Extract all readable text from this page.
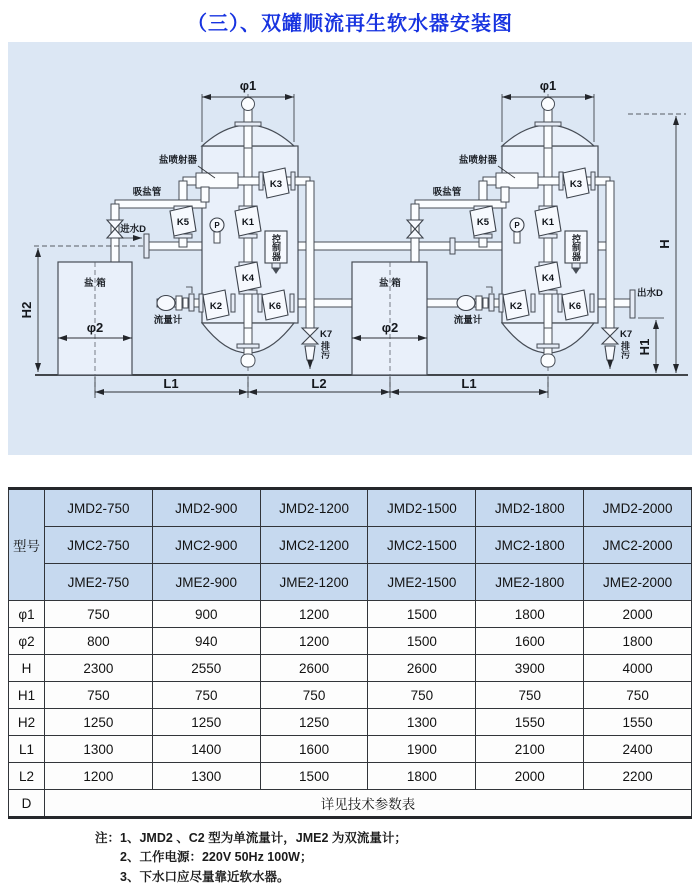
（三）、双罐顺流再生软水器安装图
φ1
K5	K1
K3
P
控制器
K4
流量计
K2	K6
K7
排污
盐 箱
φ2
盐喷射器
吸盐管
进水D
H2
φ1
K5	K1
K3
P
控制器
K4
流量计
K2	K6
K7
排污
盐 箱
φ2
盐喷射器
吸盐管
出水D
L1	L2	L1
H
H1
型号	JMD2-750	JMD2-900	JMD2-1200	JMD2-1500	JMD2-1800	JMD2-2000
	JMC2-750	JMC2-900	JMC2-1200	JMC2-1500	JMC2-1800	JMC2-2000
	JME2-750	JME2-900	JME2-1200	JME2-1500	JME2-1800	JME2-2000
φ1	750	900	1200	1500	1800	2000
φ2	800	940	1200	1500	1600	1800
H	2300	2550	2600	2600	3900	4000
H1	750	750	750	750	750	750
H2	1250	1250	1250	1300	1550	1550
L1	1300	1400	1600	1900	2100	2400
L2	1200	1300	1500	1800	2000	2200
D	详见技术参数表					
注： 1、JMD2 、C2 型为单流量计，JME2 为双流量计；
2、工作电源：220V 50Hz 100W；
3、下水口应尽量靠近软水器。
